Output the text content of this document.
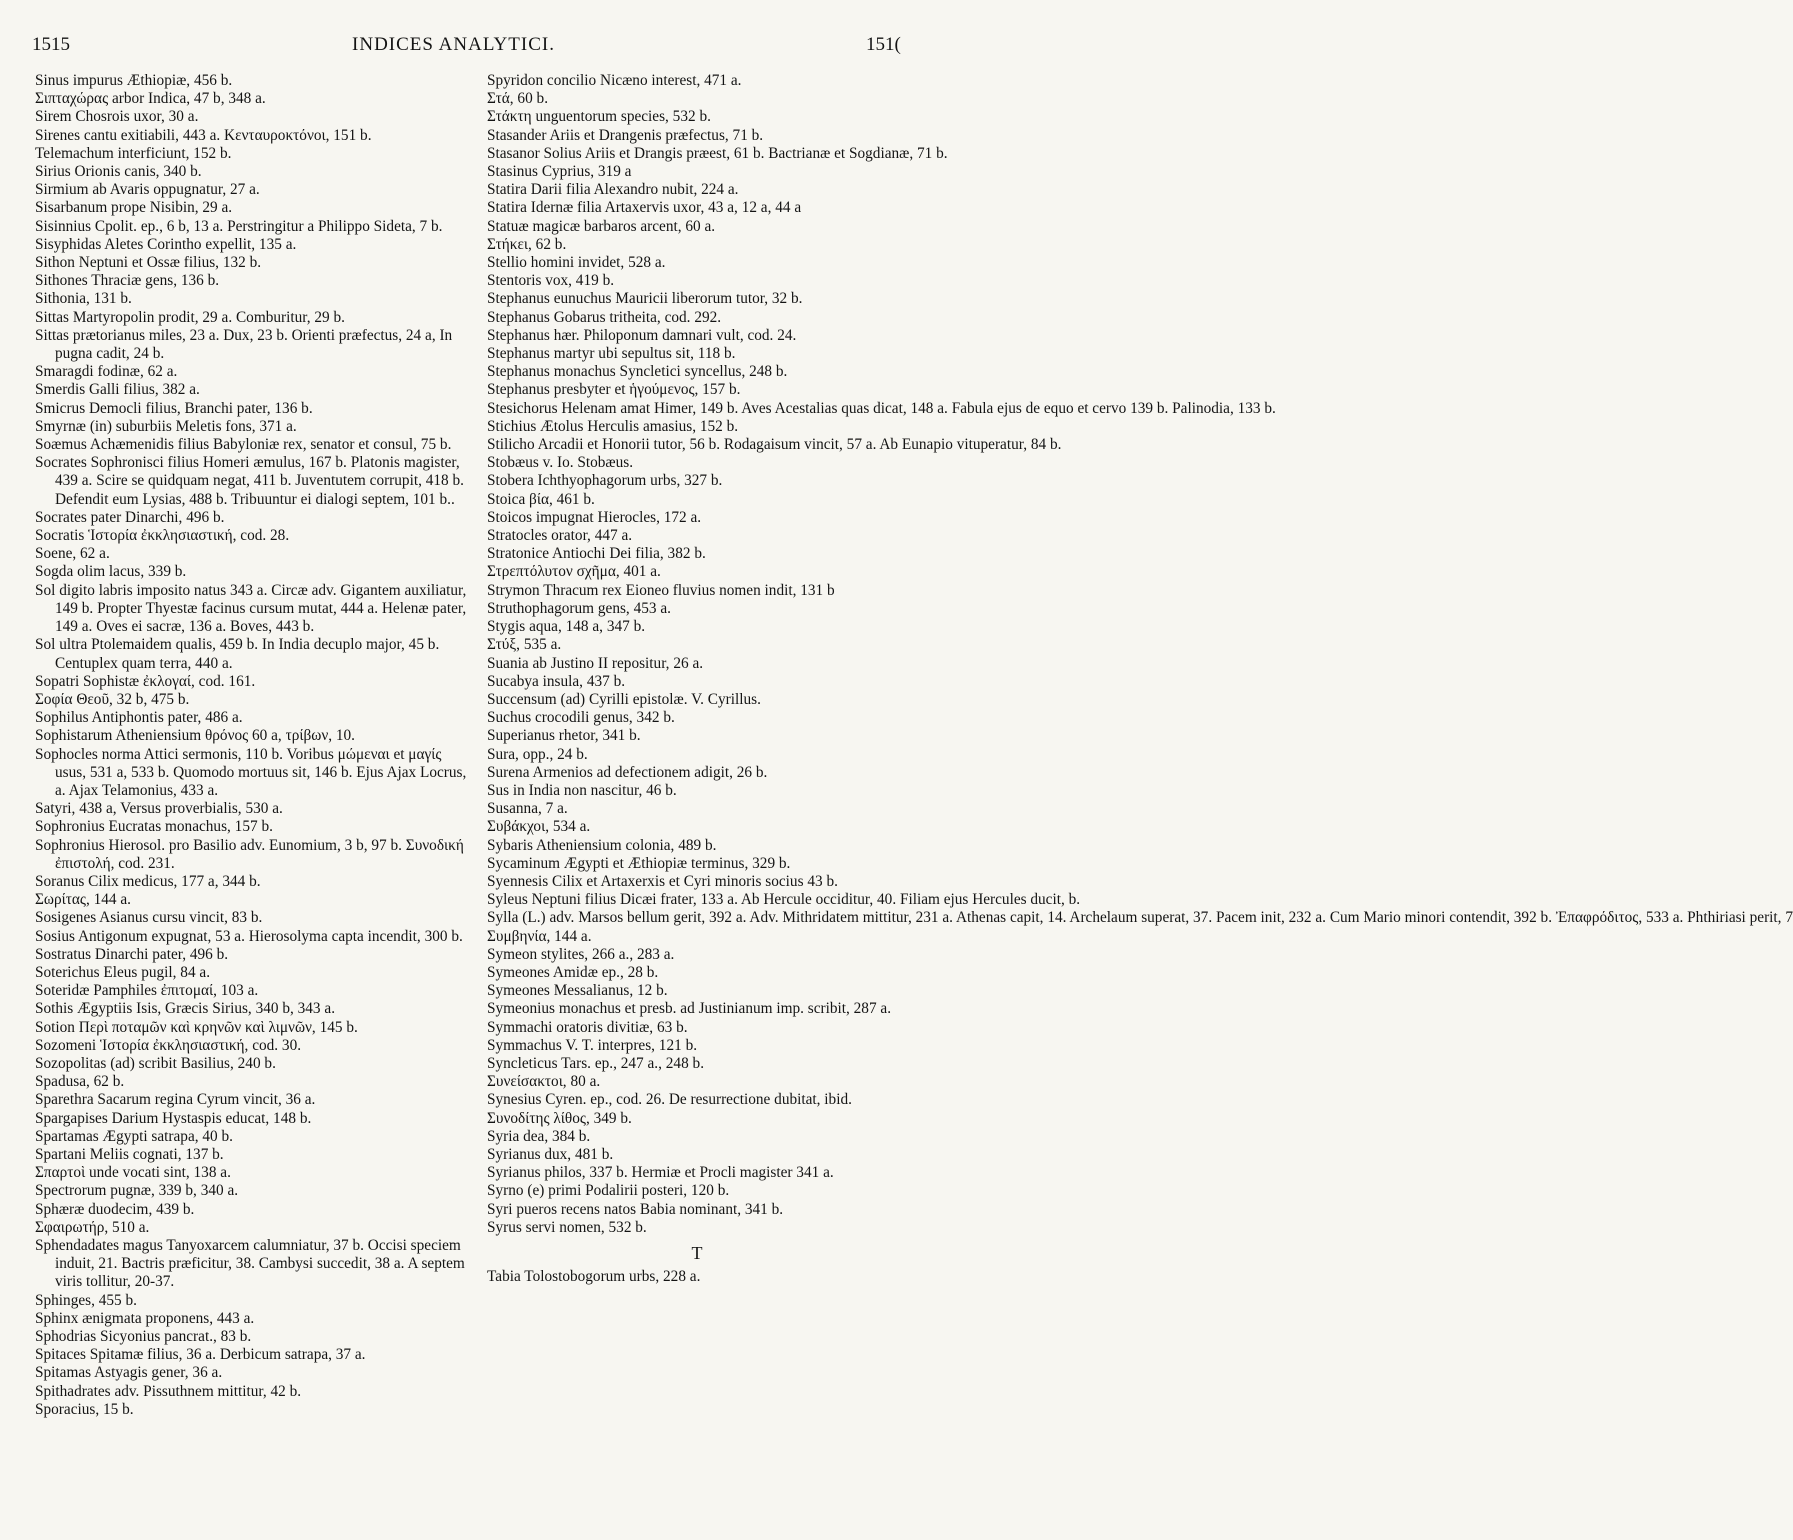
1515	INDICES ANALYTICI.	151(

Sinus impurus Æthiopiæ, 456 b.

Σιπταχώρας arbor Indica, 47 b, 348 a.

Sirem Chosrois uxor, 30 a.

Sirenes cantu exitiabili, 443 a. Κενταυροκτόνοι, 151 b.

Telemachum interficiunt, 152 b.

Sirius Orionis canis, 340 b.

Sirmium ab Avaris oppugnatur, 27 a.

Sisarbanum prope Nisibin, 29 a.

Sisinnius Cpolit. ep., 6 b, 13 a. Perstringitur a Philippo Sideta, 7 b.

Sisyphidas Aletes Corintho expellit, 135 a.

Sithon Neptuni et Ossæ filius, 132 b.

Sithones Thraciæ gens, 136 b.

Sithonia, 131 b.

Sittas Martyropolin prodit, 29 a. Comburitur, 29 b.

Sittas prætorianus miles, 23 a. Dux, 23 b. Orienti præfectus, 24 a, In pugna cadit, 24 b.

Smaragdi fodinæ, 62 a.

Smerdis Galli filius, 382 a.

Smicrus Democli filius, Branchi pater, 136 b.

Smyrnæ (in) suburbiis Meletis fons, 371 a.

Soæmus Achæmenidis filius Babyloniæ rex, senator et consul, 75 b.

Socrates Sophronisci filius Homeri æmulus, 167 b. Platonis magister, 439 a. Scire se quidquam negat, 411 b. Juventutem corrupit, 418 b. Defendit eum Lysias, 488 b. Tribuuntur ei dialogi septem, 101 b..

Socrates pater Dinarchi, 496 b.

Socratis Ἱστορία ἐκκλησιαστική, cod. 28.

Soene, 62 a.

Sogda olim lacus, 339 b.

Sol digito labris imposito natus 343 a. Circæ adv. Gigantem auxiliatur, 149 b. Propter Thyestæ facinus cursum mutat, 444 a. Helenæ pater, 149 a. Oves ei sacræ, 136 a. Boves, 443 b.

Sol ultra Ptolemaidem qualis, 459 b. In India decuplo major, 45 b. Centuplex quam terra, 440 a.

Sopatri Sophistæ ἐκλογαί, cod. 161.

Σοφία Θεοῦ, 32 b, 475 b.

Sophilus Antiphontis pater, 486 a.

Sophistarum Atheniensium θρόνος 60 a, τρίβων, 10.

Sophocles norma Attici sermonis, 110 b. Voribus μώμεναι et μαγίς usus, 531 a, 533 b. Quomodo mortuus sit, 146 b. Ejus Ajax Locrus, a. Ajax Telamonius, 433 a.

Satyri, 438 a, Versus proverbialis, 530 a.

Sophronius Eucratas monachus, 157 b.

Sophronius Hierosol. pro Basilio adv. Eunomium, 3 b, 97 b. Συνοδική ἐπιστολή, cod. 231.

Soranus Cilix medicus, 177 a, 344 b.

Σωρίτας, 144 a.

Sosigenes Asianus cursu vincit, 83 b.

Sosius Antigonum expugnat, 53 a. Hierosolyma capta incendit, 300 b.

Sostratus Dinarchi pater, 496 b.

Soterichus Eleus pugil, 84 a.

Soteridæ Pamphiles ἐπιτομαί, 103 a.

Sothis Ægyptiis Isis, Græcis Sirius, 340 b, 343 a.

Sotion Περὶ ποταμῶν καὶ κρηνῶν καὶ λιμνῶν, 145 b.

Sozomeni Ἱστορία ἐκκλησιαστική, cod. 30.

Sozopolitas (ad) scribit Basilius, 240 b.

Spadusa, 62 b.

Sparethra Sacarum regina Cyrum vincit, 36 a.

Spargapises Darium Hystaspis educat, 148 b.

Spartamas Ægypti satrapa, 40 b.

Spartani Meliis cognati, 137 b.

Σπαρτοὶ unde vocati sint, 138 a.

Spectrorum pugnæ, 339 b, 340 a.

Sphæræ duodecim, 439 b.

Σφαιρωτήρ, 510 a.

Sphendadates magus Tanyoxarcem calumniatur, 37 b. Occisi speciem induit, 21. Bactris præficitur, 38. Cambysi succedit, 38 a. A septem viris tollitur, 20-37.

Sphinges, 455 b.

Sphinx ænigmata proponens, 443 a.

Sphodrias Sicyonius pancrat., 83 b.

Spitaces Spitamæ filius, 36 a. Derbicum satrapa, 37 a.

Spitamas Astyagis gener, 36 a.

Spithadrates adv. Pissuthnem mittitur, 42 b.

Sporacius, 15 b.

Spyridon concilio Nicæno interest, 471 a.

Στά, 60 b.

Στάκτη unguentorum species, 532 b.

Stasander Ariis et Drangenis præfectus, 71 b.

Stasanor Solius Ariis et Drangis præest, 61 b. Bactrianæ et Sogdianæ, 71 b.

Stasinus Cyprius, 319 a

Statira Darii filia Alexandro nubit, 224 a.

Statira Idernæ filia Artaxervis uxor, 43 a, 12 a, 44 a

Statuæ magicæ barbaros arcent, 60 a.

Στήκει, 62 b.

Stellio homini invidet, 528 a.

Stentoris vox, 419 b.

Stephanus eunuchus Mauricii liberorum tutor, 32 b.

Stephanus Gobarus tritheita, cod. 292.

Stephanus hær. Philoponum damnari vult, cod. 24.

Stephanus martyr ubi sepultus sit, 118 b.

Stephanus monachus Syncletici syncellus, 248 b.

Stephanus presbyter et ἡγούμενος, 157 b.

Stesichorus Helenam amat Himer, 149 b. Aves Acestalias quas dicat, 148 a. Fabula ejus de equo et cervo 139 b. Palinodia, 133 b.

Stichius Ætolus Herculis amasius, 152 b.

Stilicho Arcadii et Honorii tutor, 56 b. Rodagaisum vincit, 57 a. Ab Eunapio vituperatur, 84 b.

Stobæus v. Io. Stobæus.

Stobera Ichthyophagorum urbs, 327 b.

Stoica βία, 461 b.

Stoicos impugnat Hierocles, 172 a.

Stratocles orator, 447 a.

Stratonice Antiochi Dei filia, 382 b.

Στρεπτόλυτον σχῆμα, 401 a.

Strymon Thracum rex Eioneo fluvius nomen indit, 131 b

Struthophagorum gens, 453 a.

Stygis aqua, 148 a, 347 b.

Στύξ, 535 a.

Suania ab Justino II repositur, 26 a.

Sucabya insula, 437 b.

Succensum (ad) Cyrilli epistolæ. V. Cyrillus.

Suchus crocodili genus, 342 b.

Superianus rhetor, 341 b.

Sura, opp., 24 b.

Surena Armenios ad defectionem adigit, 26 b.

Sus in India non nascitur, 46 b.

Susanna, 7 a.

Συβάκχοι, 534 a.

Sybaris Atheniensium colonia, 489 b.

Sycaminum Ægypti et Æthiopiæ terminus, 329 b.

Syennesis Cilix et Artaxerxis et Cyri minoris socius 43 b.

Syleus Neptuni filius Dicæi frater, 133 a. Ab Hercule occiditur, 40. Filiam ejus Hercules ducit, b.

Sylla (L.) adv. Marsos bellum gerit, 392 a. Adv. Mithridatem mittitur, 231 a. Athenas capit, 14. Archelaum superat, 37. Pacem init, 232 a. Cum Mario minori contendit, 392 b. Ἐπαφρόδιτος, 533 a. Phthiriasi perit, 7

Συμβηνία, 144 a.

Symeon stylites, 266 a., 283 a.

Symeones Amidæ ep., 28 b.

Symeones Messalianus, 12 b.

Symeonius monachus et presb. ad Justinianum imp. scribit, 287 a.

Symmachi oratoris divitiæ, 63 b.

Symmachus V. T. interpres, 121 b.

Syncleticus Tars. ep., 247 a., 248 b.

Συνείσακτοι, 80 a.

Synesius Cyren. ep., cod. 26. De resurrectione dubitat, ibid.

Συνοδίτης λίθος, 349 b.

Syria dea, 384 b.

Syrianus dux, 481 b.

Syrianus philos, 337 b. Hermiæ et Procli magister 341 a.

Syrno (e) primi Podalirii posteri, 120 b.

Syri pueros recens natos Babia nominant, 341 b.

Syrus servi nomen, 532 b.

T

Tabia Tolostobogorum urbs, 228 a.
